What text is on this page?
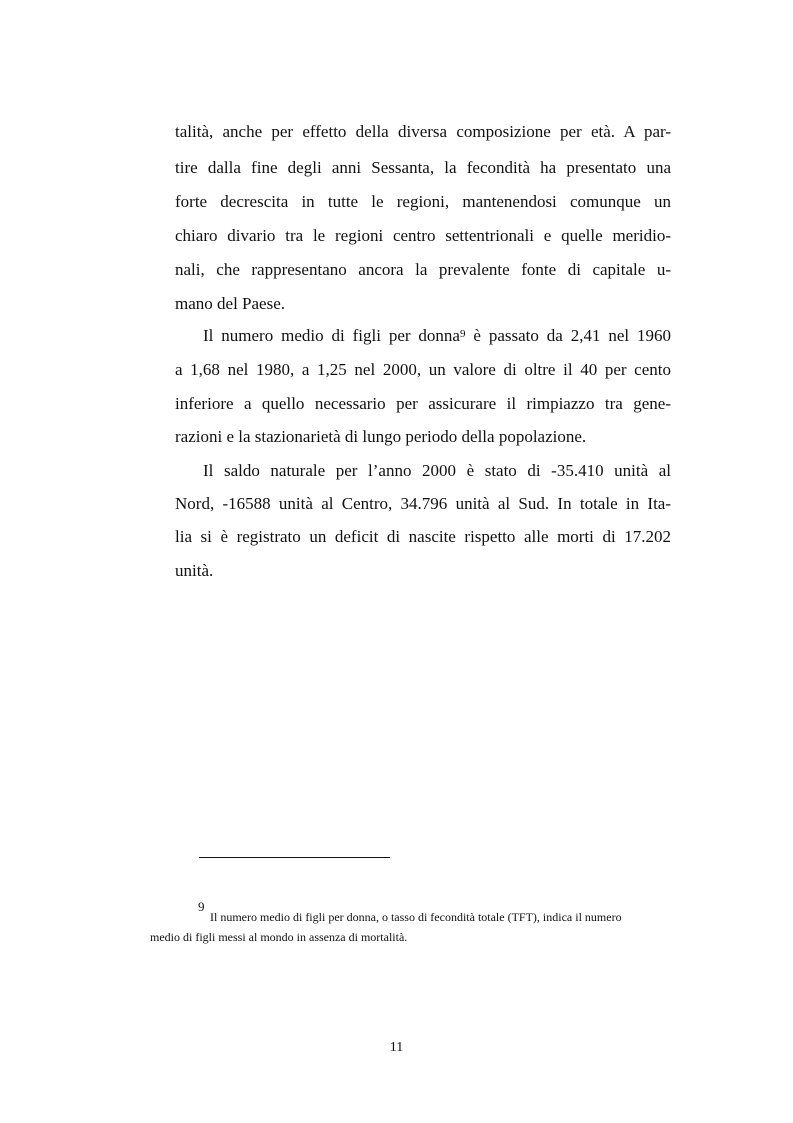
talità, anche per effetto della diversa composizione per età. A par-
tire dalla fine degli anni Sessanta, la fecondità ha presentato una
forte decrescita in tutte le regioni, mantenendosi comunque un
chiaro divario tra le regioni centro settentrionali e quelle meridio-
nali, che rappresentano ancora la prevalente fonte di capitale u-
mano del Paese.
Il numero medio di figli per donna$^9$ è passato da 2,41 nel 1960
a 1,68 nel 1980, a 1,25 nel 2000, un valore di oltre il 40 per cento
inferiore a quello necessario per assicurare il rimpiazzo tra gene-
razioni e la stazionarietà di lungo periodo della popolazione.
Il saldo naturale per l’anno 2000 è stato di -35.410 unità al
Nord, -16588 unità al Centro, 34.796 unità al Sud. In totale in Ita-
lia si è registrato un deficit di nascite rispetto alle morti di 17.202
unità.
9
Il numero medio di figli per donna, o tasso di fecondità totale (TFT), indica il numero
medio di figli messi al mondo in assenza di mortalità.
11
